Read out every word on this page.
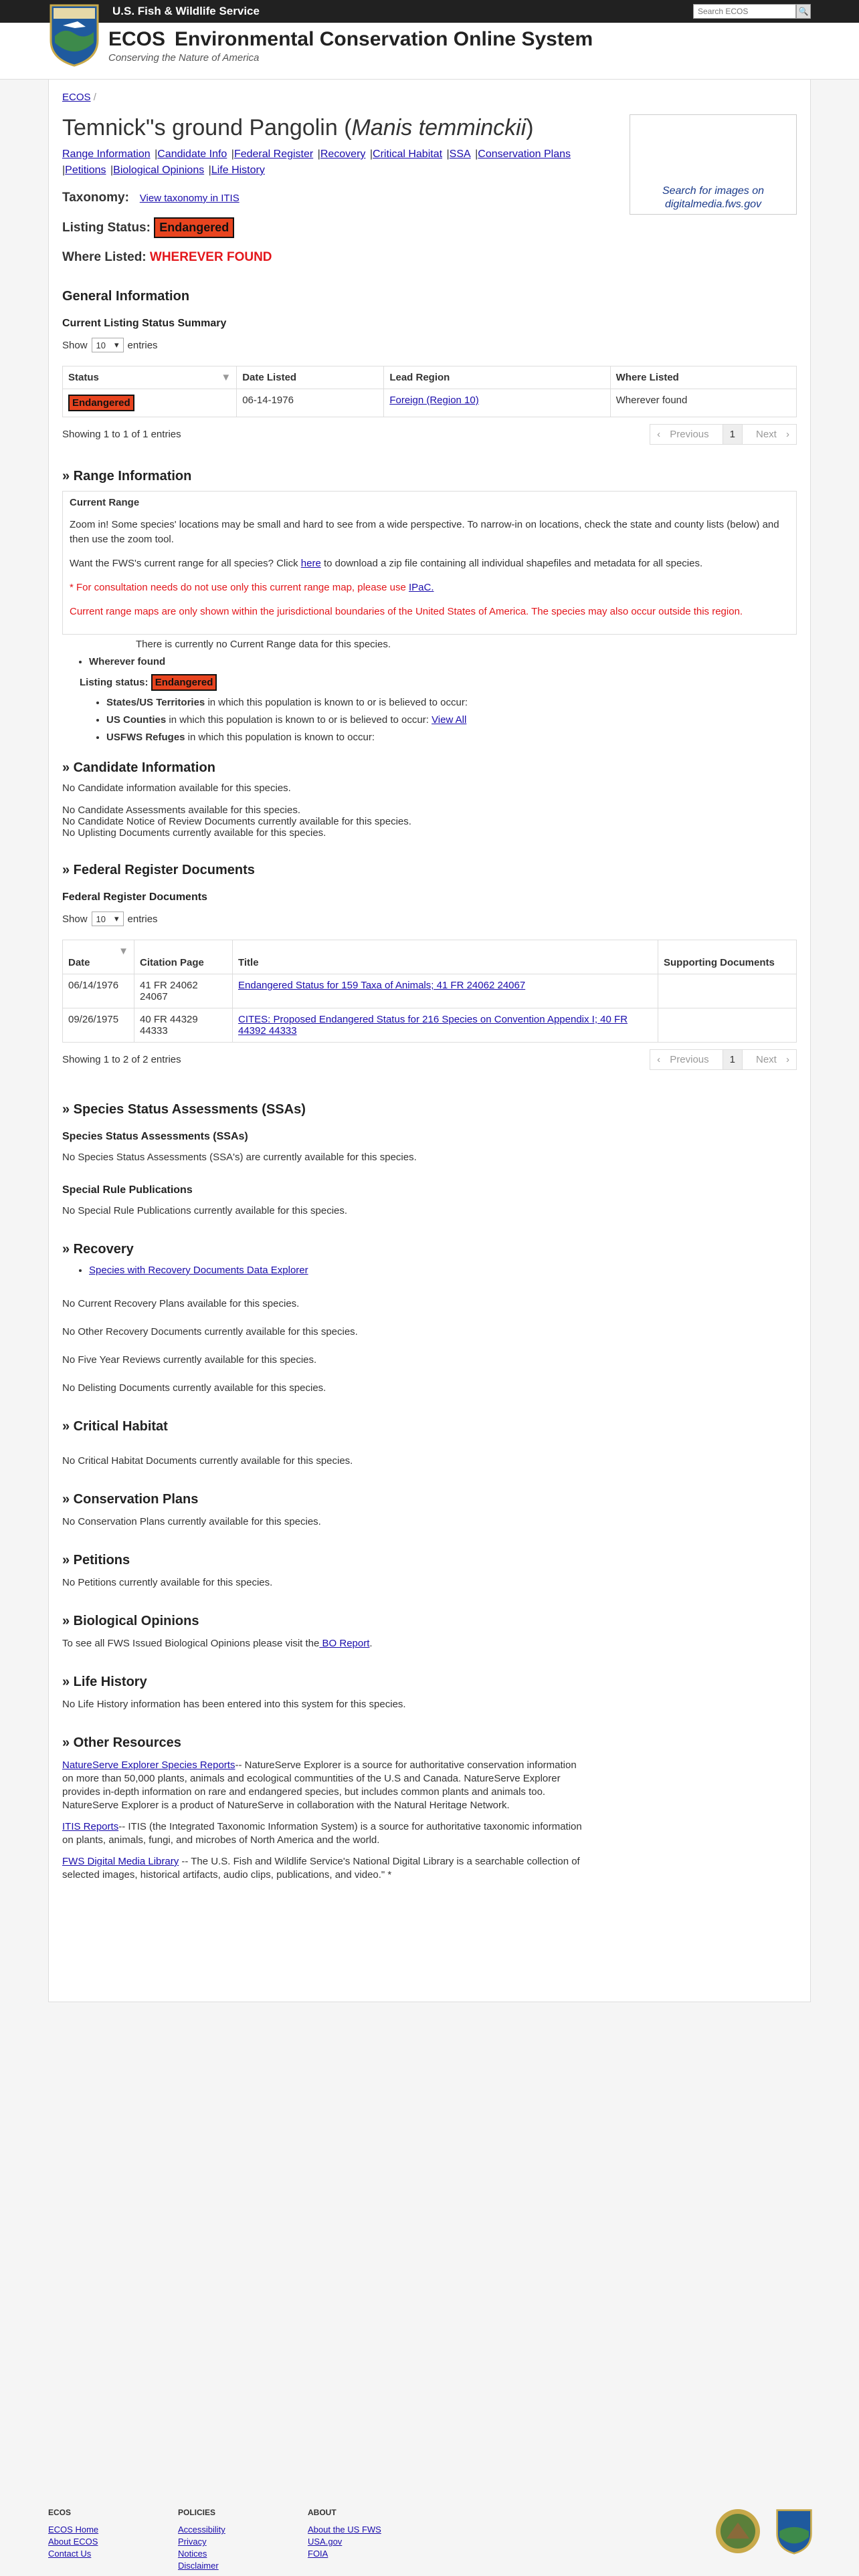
U.S. Fish & Wildlife Service
Search ECOS	🔍
ECOS Environmental Conservation Online System
Conserving the Nature of America
ECOS /
Search for images on digitalmedia.fws.gov
Temnick''s ground Pangolin (Manis temminckii)
Range Information |Candidate Info |Federal Register |Recovery |Critical Habitat |SSA |Conservation Plans
|Petitions |Biological Opinions |Life History
Taxonomy: View taxonomy in ITIS
Listing Status: Endangered
Where Listed: WHEREVER FOUND
General Information
Current Listing Status Summary
Show 10 ▾ entries
Status ▼	Date Listed	Lead Region	Where Listed
Endangered	06-14-1976	Foreign (Region 10)	Wherever found
Showing 1 to 1 of 1 entries	‹ Previous	1	Next ›
» Range Information
Current Range

Zoom in! Some species' locations may be small and hard to see from a wide perspective. To narrow-in on locations, check the state and county lists (below) and then use the zoom tool.

Want the FWS's current range for all species? Click here to download a zip file containing all individual shapefiles and metadata for all species.

* For consultation needs do not use only this current range map, please use IPaC.

Current range maps are only shown within the jurisdictional boundaries of the United States of America. The species may also occur outside this region.

There is currently no Current Range data for this species.
• Wherever found
Listing status: Endangered
• States/US Territories in which this population is known to or is believed to occur:
• US Counties in which this population is known to or is believed to occur: View All
• USFWS Refuges in which this population is known to occur:
» Candidate Information
No Candidate information available for this species.
No Candidate Assessments available for this species.
No Candidate Notice of Review Documents currently available for this species.
No Uplisting Documents currently available for this species.
» Federal Register Documents
Federal Register Documents
Show 10 ▾ entries
▼

Date	Citation Page	Title	Supporting Documents
06/14/1976	41 FR 24062 24067	Endangered Status for 159 Taxa of Animals; 41 FR 24062 24067	
09/26/1975	40 FR 44329 44333	CITES: Proposed Endangered Status for 216 Species on Convention Appendix I; 40 FR 44392 44333	
Showing 1 to 2 of 2 entries	‹ Previous	1	Next ›
» Species Status Assessments (SSAs)
Species Status Assessments (SSAs)
No Species Status Assessments (SSA's) are currently available for this species.
Special Rule Publications
No Special Rule Publications currently available for this species.
» Recovery
• Species with Recovery Documents Data Explorer
No Current Recovery Plans available for this species.
No Other Recovery Documents currently available for this species.
No Five Year Reviews currently available for this species.
No Delisting Documents currently available for this species.
» Critical Habitat
No Critical Habitat Documents currently available for this species.
» Conservation Plans
No Conservation Plans currently available for this species.
» Petitions
No Petitions currently available for this species.
» Biological Opinions
To see all FWS Issued Biological Opinions please visit the BO Report.
» Life History
No Life History information has been entered into this system for this species.
» Other Resources
NatureServe Explorer Species Reports-- NatureServe Explorer is a source for authoritative conservation information on more than 50,000 plants, animals and ecological communtities of the U.S and Canada. NatureServe Explorer provides in-depth information on rare and endangered species, but includes common plants and animals too. NatureServe Explorer is a product of NatureServe in collaboration with the Natural Heritage Network.
ITIS Reports-- ITIS (the Integrated Taxonomic Information System) is a source for authoritative taxonomic information on plants, animals, fungi, and microbes of North America and the world.
FWS Digital Media Library -- The U.S. Fish and Wildlife Service's National Digital Library is a searchable collection of selected images, historical artifacts, audio clips, publications, and video." *
ECOS
ECOS Home
About ECOS
Contact Us
POLICIES
Accessibility
Privacy
Notices
Disclaimer
ABOUT
About the US FWS
USA.gov
FOIA
